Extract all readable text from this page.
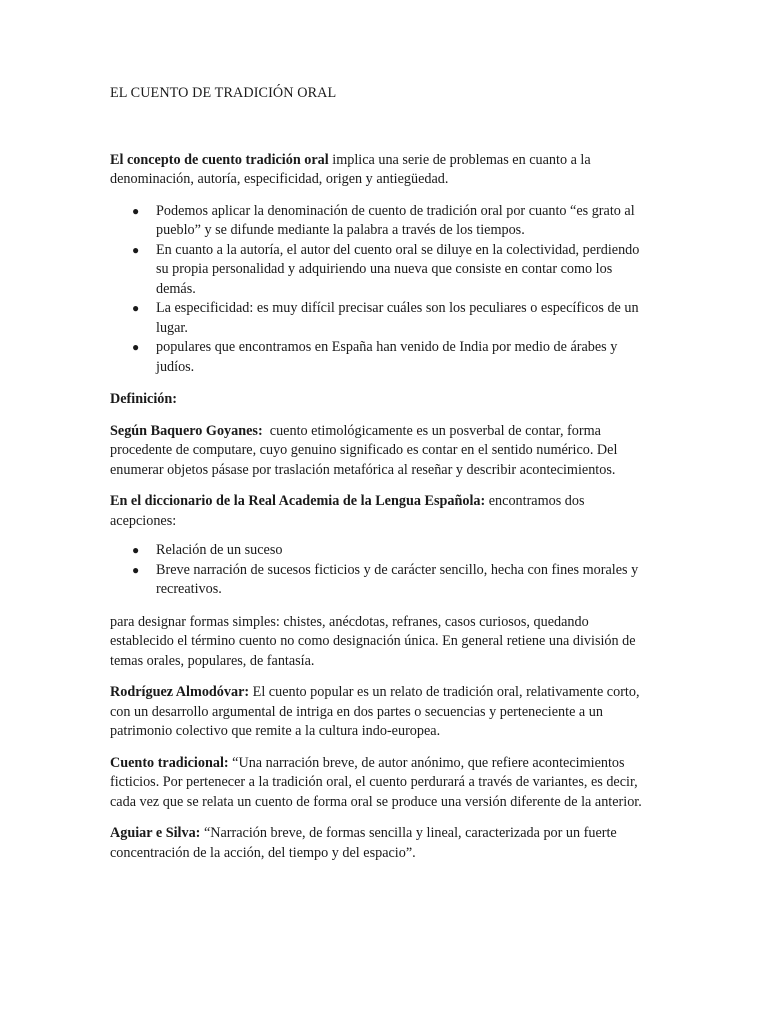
EL CUENTO DE TRADICIÓN ORAL

El concepto de cuento tradición oral implica una serie de problemas en cuanto a la denominación, autoría, especificidad, origen y antiegüedad.

● Podemos aplicar la denominación de cuento de tradición oral por cuanto “es grato al pueblo” y se difunde mediante la palabra a través de los tiempos.
● En cuanto a la autoría, el autor del cuento oral se diluye en la colectividad, perdiendo su propia personalidad y adquiriendo una nueva que consiste en contar como los demás.
● La especificidad: es muy difícil precisar cuáles son los peculiares o específicos de un lugar.
● populares que encontramos en España han venido de India por medio de árabes y judíos.

Definición:

Según Baquero Goyanes:  cuento etimológicamente es un posverbal de contar, forma procedente de computare, cuyo genuino significado es contar en el sentido numérico. Del enumerar objetos pásase por traslación metafórica al reseñar y describir acontecimientos.

En el diccionario de la Real Academia de la Lengua Española: encontramos dos acepciones:

● Relación de un suceso
● Breve narración de sucesos ficticios y de carácter sencillo, hecha con fines morales y recreativos.

para designar formas simples: chistes, anécdotas, refranes, casos curiosos, quedando establecido el término cuento no como designación única. En general retiene una división de temas orales, populares, de fantasía.

Rodríguez Almodóvar: El cuento popular es un relato de tradición oral, relativamente corto, con un desarrollo argumental de intriga en dos partes o secuencias y perteneciente a un patrimonio colectivo que remite a la cultura indo-europea.

Cuento tradicional: “Una narración breve, de autor anónimo, que refiere acontecimientos ficticios. Por pertenecer a la tradición oral, el cuento perdurará a través de variantes, es decir, cada vez que se relata un cuento de forma oral se produce una versión diferente de la anterior.

Aguiar e Silva: “Narración breve, de formas sencilla y lineal, caracterizada por un fuerte concentración de la acción, del tiempo y del espacio”.
